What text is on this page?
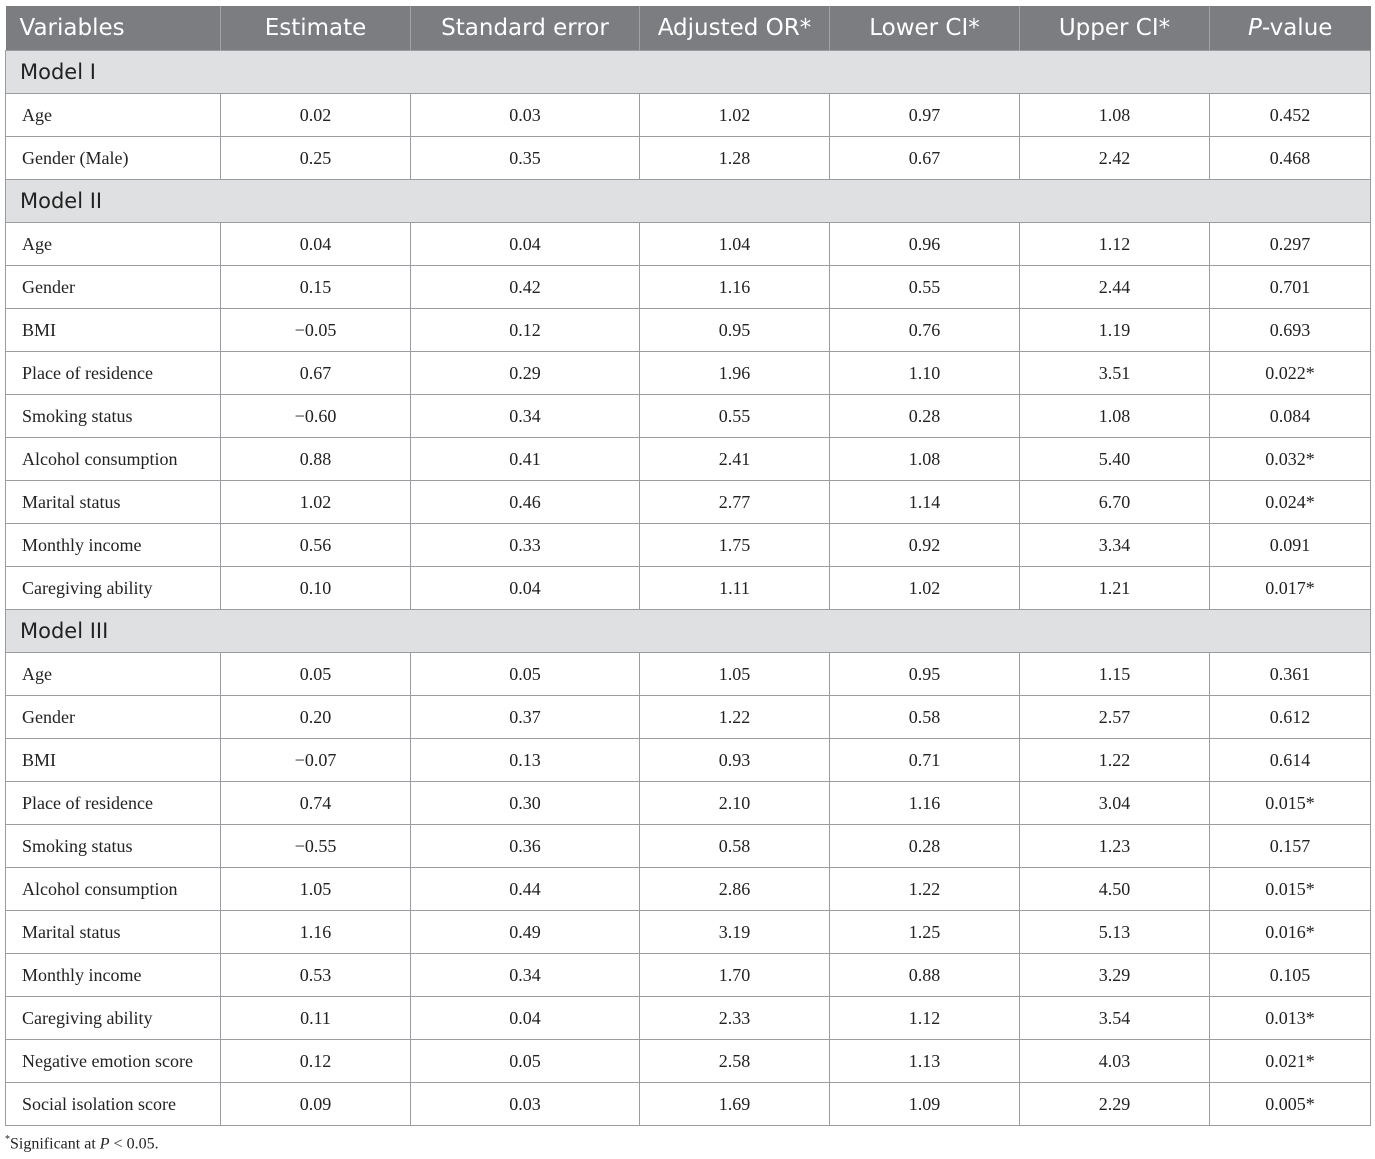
Variables	Estimate	Standard error	Adjusted OR*	Lower CI*	Upper CI*	P-value
Model I						
Age	0.02	0.03	1.02	0.97	1.08	0.452
Gender (Male)	0.25	0.35	1.28	0.67	2.42	0.468
Model II						
Age	0.04	0.04	1.04	0.96	1.12	0.297
Gender	0.15	0.42	1.16	0.55	2.44	0.701
BMI	−0.05	0.12	0.95	0.76	1.19	0.693
Place of residence	0.67	0.29	1.96	1.10	3.51	0.022*
Smoking status	−0.60	0.34	0.55	0.28	1.08	0.084
Alcohol consumption	0.88	0.41	2.41	1.08	5.40	0.032*
Marital status	1.02	0.46	2.77	1.14	6.70	0.024*
Monthly income	0.56	0.33	1.75	0.92	3.34	0.091
Caregiving ability	0.10	0.04	1.11	1.02	1.21	0.017*
Model III						
Age	0.05	0.05	1.05	0.95	1.15	0.361
Gender	0.20	0.37	1.22	0.58	2.57	0.612
BMI	−0.07	0.13	0.93	0.71	1.22	0.614
Place of residence	0.74	0.30	2.10	1.16	3.04	0.015*
Smoking status	−0.55	0.36	0.58	0.28	1.23	0.157
Alcohol consumption	1.05	0.44	2.86	1.22	4.50	0.015*
Marital status	1.16	0.49	3.19	1.25	5.13	0.016*
Monthly income	0.53	0.34	1.70	0.88	3.29	0.105
Caregiving ability	0.11	0.04	2.33	1.12	3.54	0.013*
Negative emotion score	0.12	0.05	2.58	1.13	4.03	0.021*
Social isolation score	0.09	0.03	1.69	1.09	2.29	0.005*
*Significant at P < 0.05.
